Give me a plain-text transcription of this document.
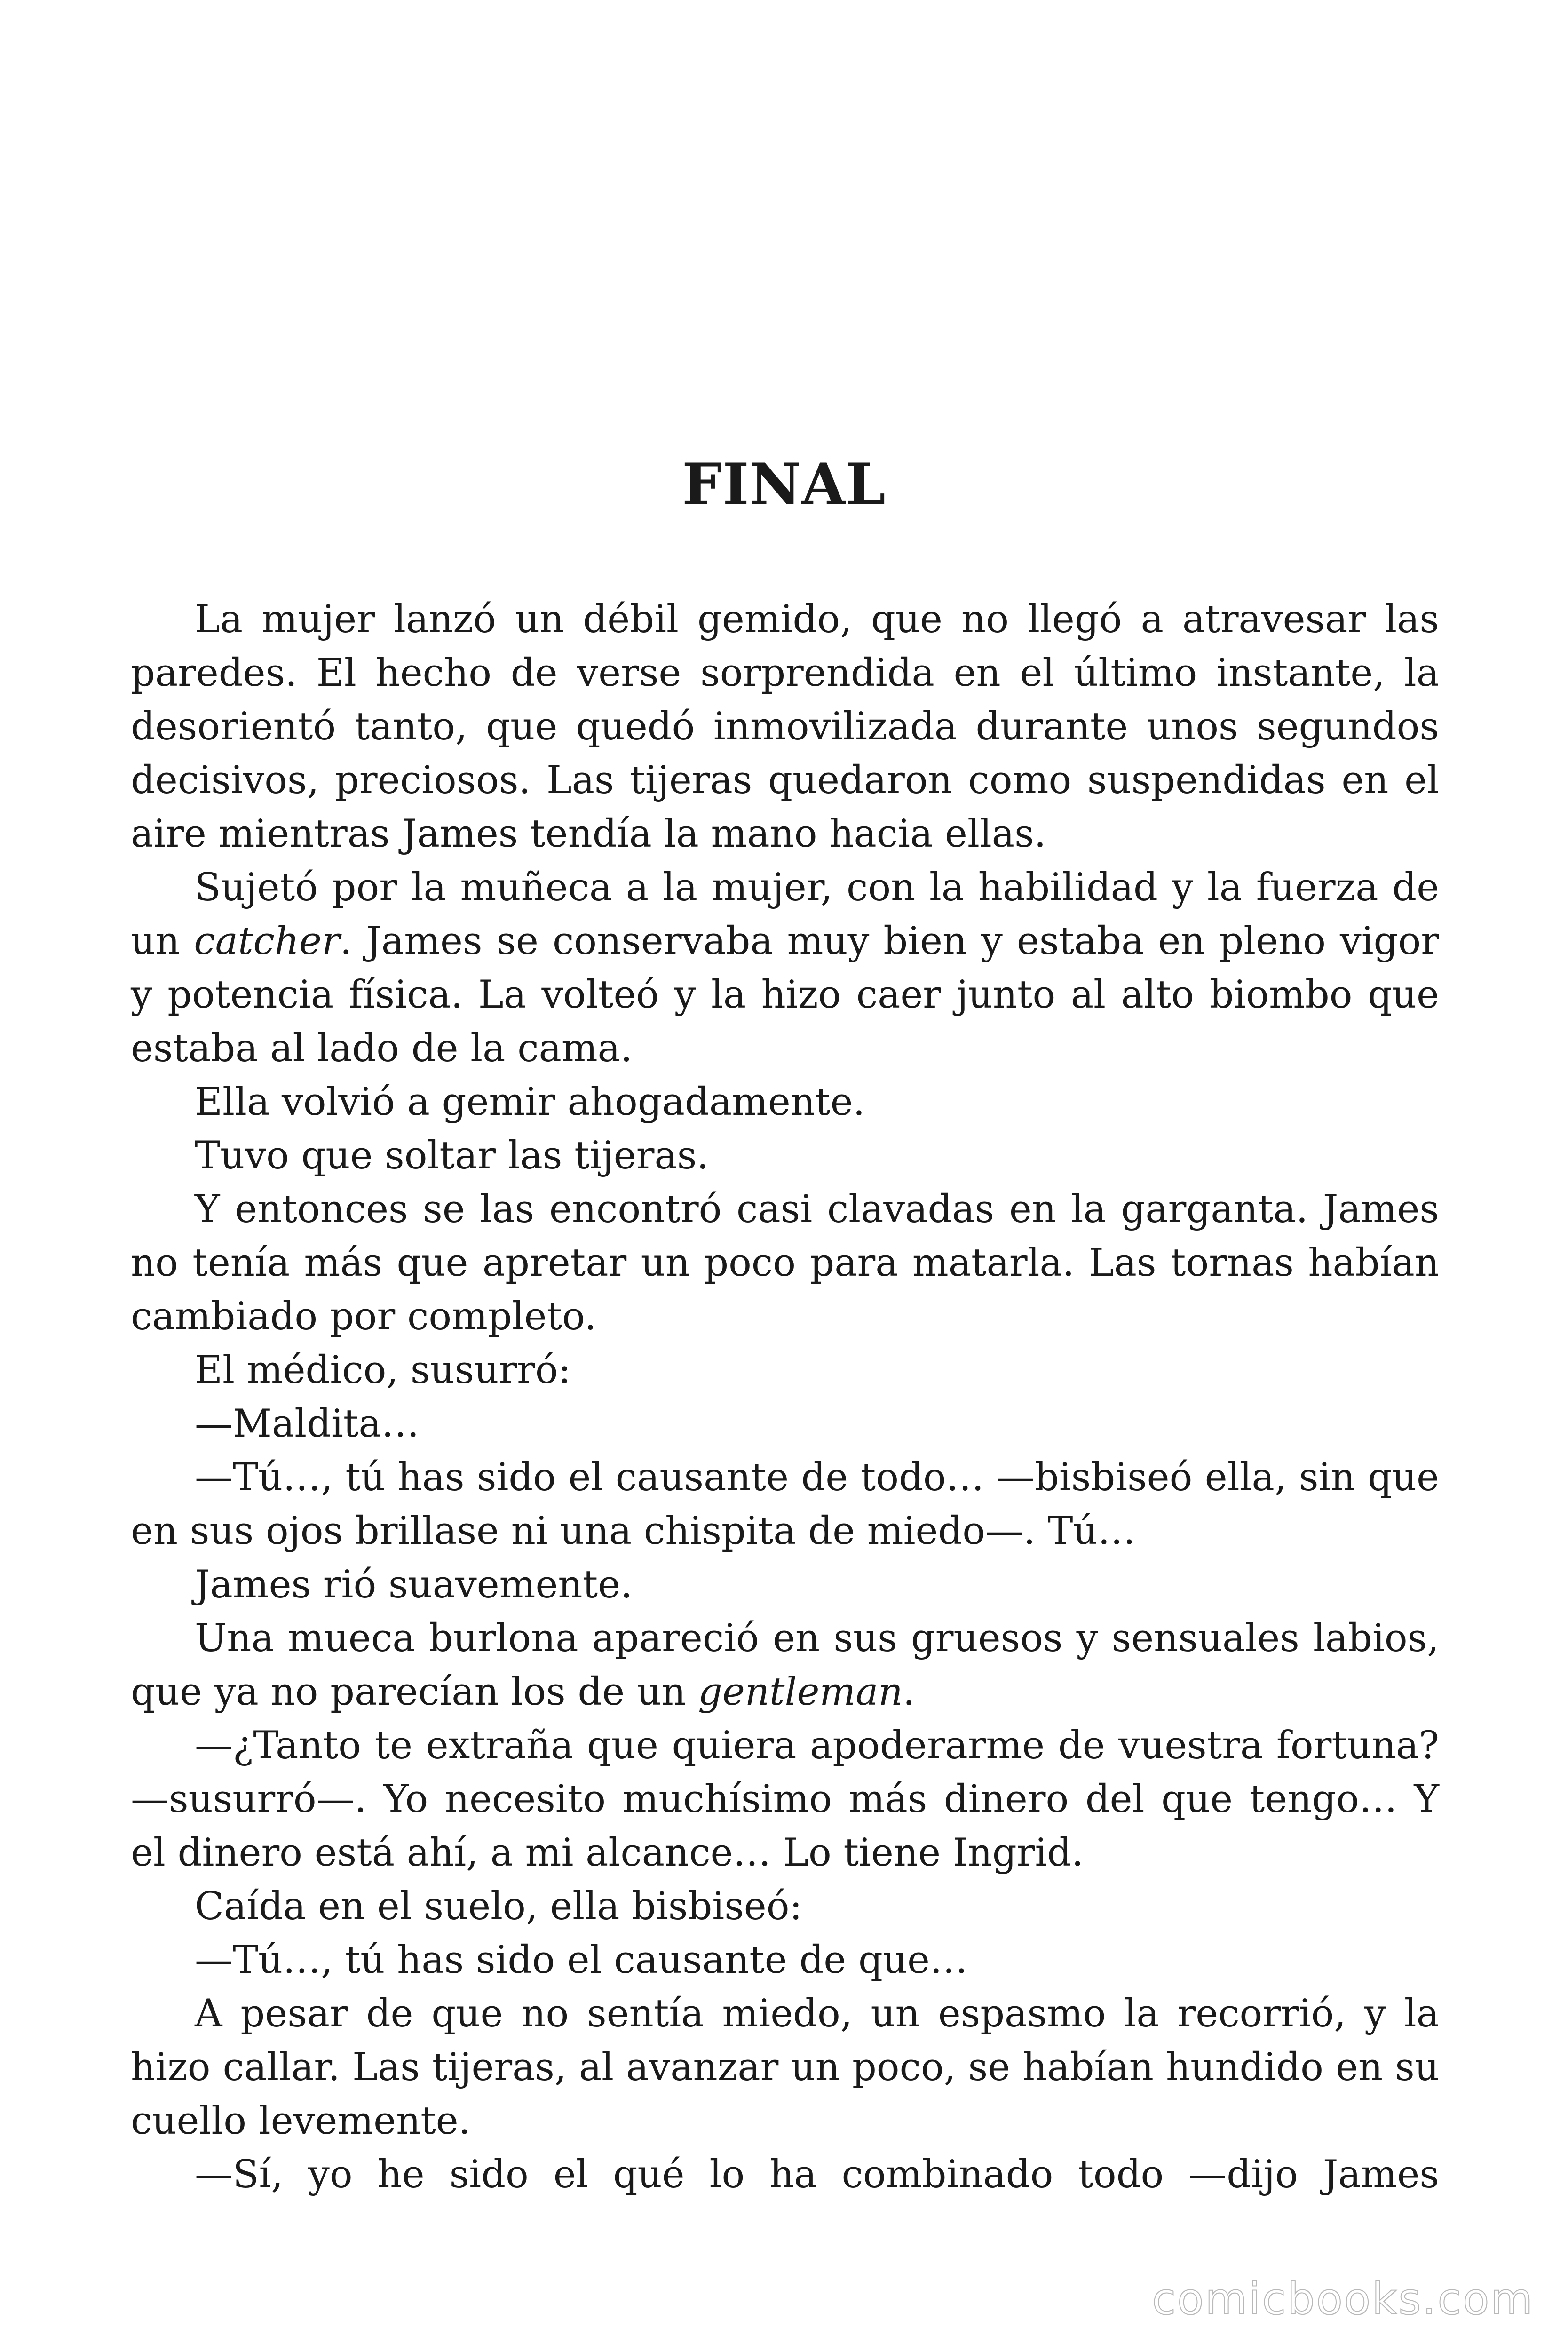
FINAL

La mujer lanzó un débil gemido, que no llegó a atravesar las paredes. El hecho de verse sorprendida en el último instante, la desorientó tanto, que quedó inmovilizada durante unos segundos decisivos, preciosos. Las tijeras quedaron como suspendidas en el aire mientras James tendía la mano hacia ellas.

Sujetó por la muñeca a la mujer, con la habilidad y la fuerza de un catcher. James se conservaba muy bien y estaba en pleno vigor y potencia física. La volteó y la hizo caer junto al alto biombo que estaba al lado de la cama.

Ella volvió a gemir ahogadamente.

Tuvo que soltar las tijeras.

Y entonces se las encontró casi clavadas en la garganta. James no tenía más que apretar un poco para matarla. Las tornas habían cambiado por completo.

El médico, susurró:

—Maldita…

—Tú…, tú has sido el causante de todo… —bisbiseó ella, sin que en sus ojos brillase ni una chispita de miedo—. Tú…

James rió suavemente.

Una mueca burlona apareció en sus gruesos y sensuales labios, que ya no parecían los de un gentleman.

—¿Tanto te extraña que quiera apoderarme de vuestra fortuna? —susurró—. Yo necesito muchísimo más dinero del que tengo… Y el dinero está ahí, a mi alcance… Lo tiene Ingrid.

Caída en el suelo, ella bisbiseó:

—Tú…, tú has sido el causante de que…

A pesar de que no sentía miedo, un espasmo la recorrió, y la hizo callar. Las tijeras, al avanzar un poco, se habían hundido en su cuello levemente.

—Sí, yo he sido el qué lo ha combinado todo —dijo James

comicbooks.com
